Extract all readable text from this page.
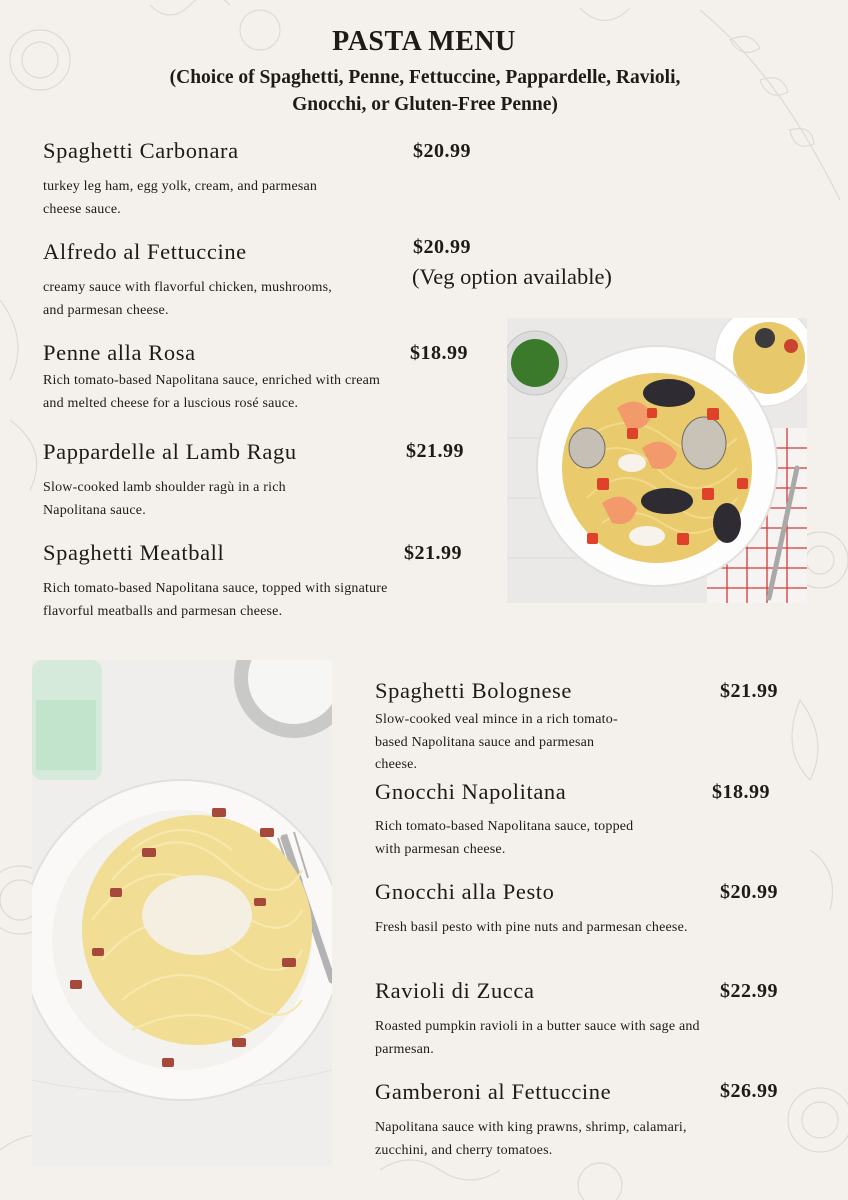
PASTA MENU
(Choice of Spaghetti, Penne, Fettuccine, Pappardelle, Ravioli,
Gnocchi, or Gluten-Free Penne)
Spaghetti Carbonara	$20.99
turkey leg ham, egg yolk, cream, and parmesan cheese sauce.
Alfredo al Fettuccine	$20.99
(Veg option available)
creamy sauce with flavorful chicken, mushrooms, and parmesan cheese.
Penne alla Rosa	$18.99
Rich tomato-based Napolitana sauce, enriched with cream and melted cheese for a luscious rosé sauce.
Pappardelle al Lamb Ragu	$21.99
Slow-cooked lamb shoulder ragù in a rich Napolitana sauce.
Spaghetti Meatball	$21.99
Rich tomato-based Napolitana sauce, topped with signature flavorful meatballs and parmesan cheese.
Spaghetti Bolognese	$21.99
Slow-cooked veal mince in a rich tomato-based Napolitana sauce and parmesan cheese.
Gnocchi Napolitana	$18.99
Rich tomato-based Napolitana sauce, topped with parmesan cheese.
Gnocchi alla Pesto	$20.99
Fresh basil pesto with pine nuts and parmesan cheese.
Ravioli di Zucca	$22.99
Roasted pumpkin ravioli in a butter sauce with sage and parmesan.
Gamberoni al Fettuccine	$26.99
Napolitana sauce with king prawns, shrimp, calamari, zucchini, and cherry tomatoes.
